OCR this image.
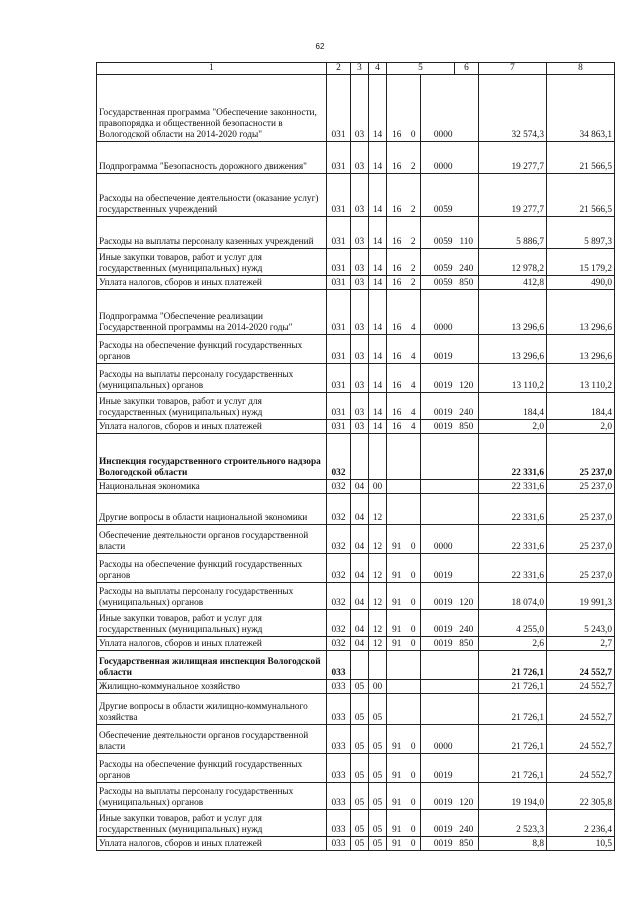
62
1	2	3	4	5			6	7	8
Государственная программа "Обеспечение законности, правопорядка и общественной безопасности в Вологодской области на 2014-2020 годы"	031	03	14	16	0	0000		32 574,3	34 863,1
Подпрограмма "Безопасность дорожного движения"	031	03	14	16	2	0000		19 277,7	21 566,5
Расходы на обеспечение деятельности (оказание услуг) государственных учреждений	031	03	14	16	2	0059		19 277,7	21 566,5
Расходы на выплаты персоналу казенных учреждений	031	03	14	16	2	0059	110	5 886,7	5 897,3
Иные закупки товаров, работ и услуг для государственных (муниципальных) нужд	031	03	14	16	2	0059	240	12 978,2	15 179,2
Уплата налогов, сборов и иных платежей	031	03	14	16	2	0059	850	412,8	490,0
Подпрограмма "Обеспечение реализации Государственной программы на 2014-2020 годы"	031	03	14	16	4	0000		13 296,6	13 296,6
Расходы на обеспечение функций государственных органов	031	03	14	16	4	0019		13 296,6	13 296,6
Расходы на выплаты персоналу государственных (муниципальных) органов	031	03	14	16	4	0019	120	13 110,2	13 110,2
Иные закупки товаров, работ и услуг для государственных (муниципальных) нужд	031	03	14	16	4	0019	240	184,4	184,4
Уплата налогов, сборов и иных платежей	031	03	14	16	4	0019	850	2,0	2,0
Инспекция государственного строительного надзора Вологодской области	032							22 331,6	25 237,0
Национальная экономика	032	04	00					22 331,6	25 237,0
Другие вопросы в области национальной экономики	032	04	12					22 331,6	25 237,0
Обеспечение деятельности органов государственной власти	032	04	12	91	0	0000		22 331,6	25 237,0
Расходы на обеспечение функций государственных органов	032	04	12	91	0	0019		22 331,6	25 237,0
Расходы на выплаты персоналу государственных (муниципальных) органов	032	04	12	91	0	0019	120	18 074,0	19 991,3
Иные закупки товаров, работ и услуг для государственных (муниципальных) нужд	032	04	12	91	0	0019	240	4 255,0	5 243,0
Уплата налогов, сборов и иных платежей	032	04	12	91	0	0019	850	2,6	2,7
Государственная жилищная инспекция Вологодской области	033							21 726,1	24 552,7
Жилищно-коммунальное хозяйство	033	05	00					21 726,1	24 552,7
Другие вопросы в области жилищно-коммунального хозяйства	033	05	05					21 726,1	24 552,7
Обеспечение деятельности органов государственной власти	033	05	05	91	0	0000		21 726,1	24 552,7
Расходы на обеспечение функций государственных органов	033	05	05	91	0	0019		21 726,1	24 552,7
Расходы на выплаты персоналу государственных (муниципальных) органов	033	05	05	91	0	0019	120	19 194,0	22 305,8
Иные закупки товаров, работ и услуг для государственных (муниципальных) нужд	033	05	05	91	0	0019	240	2 523,3	2 236,4
Уплата налогов, сборов и иных платежей	033	05	05	91	0	0019	850	8,8	10,5
